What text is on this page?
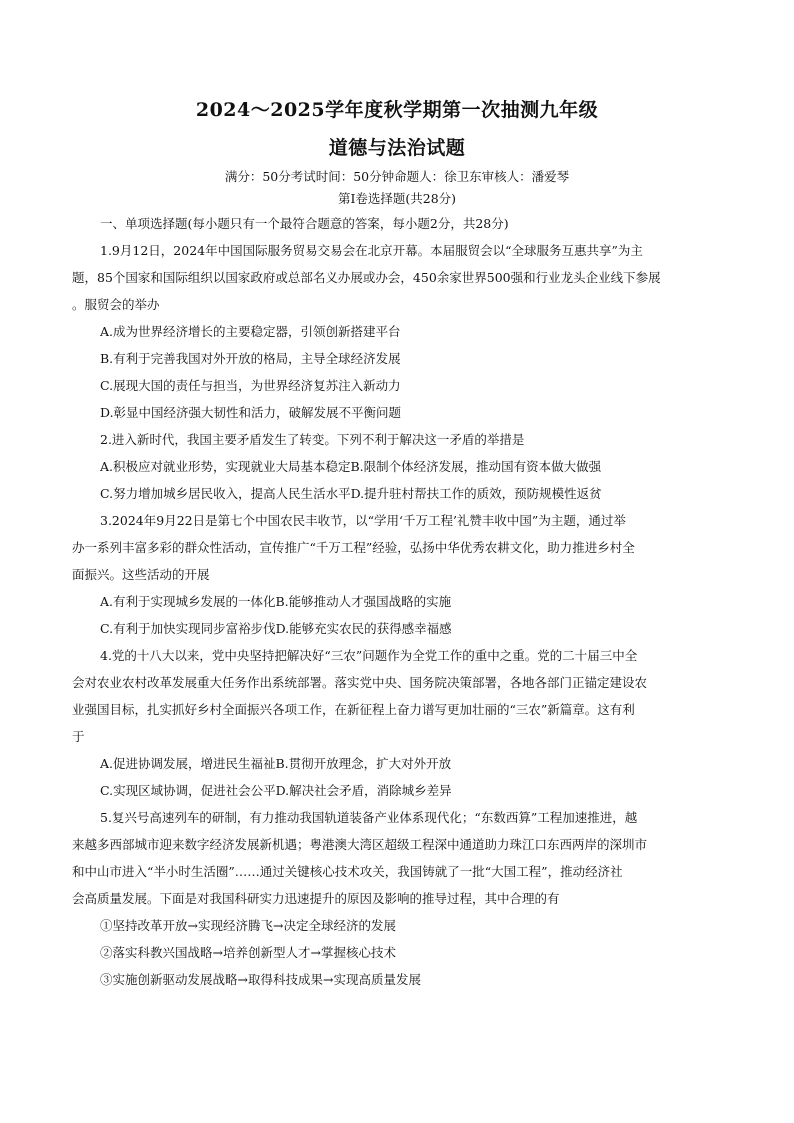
2024～2025学年度秋学期第一次抽测九年级
道德与法治试题
满分：50分考试时间：50分钟命题人：徐卫东审核人：潘爱琴
第I卷选择题(共28分)

一、单项选择题(每小题只有一个最符合题意的答案，每小题2分，共28分)

1.9月12日，2024年中国国际服务贸易交易会在北京开幕。本届服贸会以“全球服务互惠共享”为主

题，85个国家和国际组织以国家政府或总部名义办展或办会，450余家世界500强和行业龙头企业线下参展

。服贸会的举办

A.成为世界经济增长的主要稳定器，引领创新搭建平台

B.有利于完善我国对外开放的格局，主导全球经济发展

C.展现大国的责任与担当，为世界经济复苏注入新动力

D.彰显中国经济强大韧性和活力，破解发展不平衡问题

2.进入新时代，我国主要矛盾发生了转变。下列不利于解决这一矛盾的举措是

A.积极应对就业形势，实现就业大局基本稳定B.限制个体经济发展，推动国有资本做大做强

C.努力增加城乡居民收入，提高人民生活水平D.提升驻村帮扶工作的质效，预防规模性返贫

3.2024年9月22日是第七个中国农民丰收节，以“学用‘千万工程’礼赞丰收中国”为主题，通过举

办一系列丰富多彩的群众性活动，宣传推广“千万工程”经验，弘扬中华优秀农耕文化，助力推进乡村全

面振兴。这些活动的开展

A.有利于实现城乡发展的一体化B.能够推动人才强国战略的实施

C.有利于加快实现同步富裕步伐D.能够充实农民的获得感幸福感

4.党的十八大以来，党中央坚持把解决好“三农”问题作为全党工作的重中之重。党的二十届三中全

会对农业农村改革发展重大任务作出系统部署。落实党中央、国务院决策部署，各地各部门正锚定建设农

业强国目标，扎实抓好乡村全面振兴各项工作，在新征程上奋力谱写更加壮丽的“三农”新篇章。这有利

于

A.促进协调发展，增进民生福祉B.贯彻开放理念，扩大对外开放

C.实现区域协调，促进社会公平D.解决社会矛盾，消除城乡差异

5.复兴号高速列车的研制，有力推动我国轨道装备产业体系现代化；“东数西算”工程加速推进，越

来越多西部城市迎来数字经济发展新机遇；粤港澳大湾区超级工程深中通道助力珠江口东西两岸的深圳市

和中山市进入“半小时生活圈”……通过关键核心技术攻关，我国铸就了一批“大国工程”，推动经济社

会高质量发展。下面是对我国科研实力迅速提升的原因及影响的推导过程，其中合理的有

①坚持改革开放→实现经济腾飞→决定全球经济的发展

②落实科教兴国战略→培养创新型人才→掌握核心技术

③实施创新驱动发展战略→取得科技成果→实现高质量发展
